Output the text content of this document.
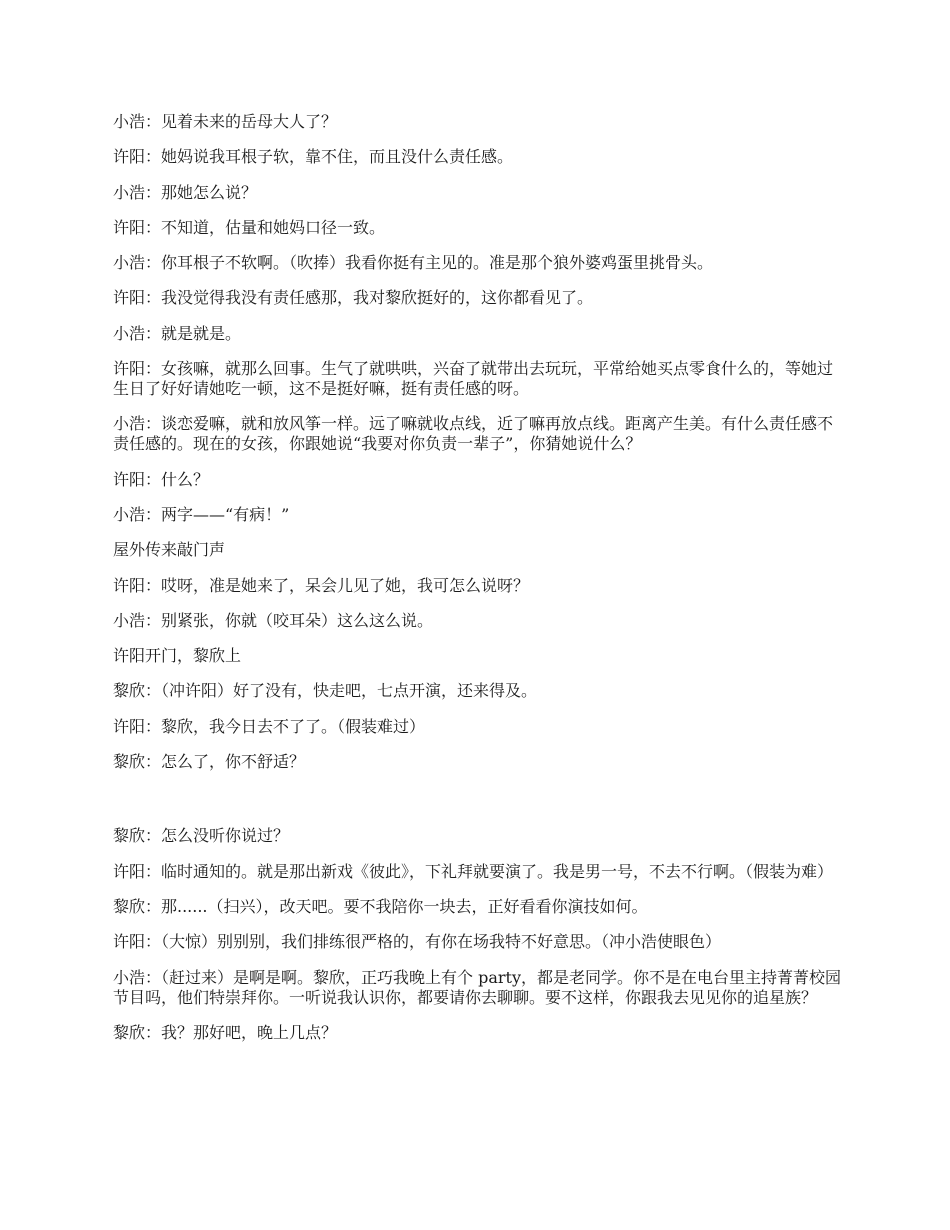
小浩：见着未来的岳母大人了？

许阳：她妈说我耳根子软，靠不住，而且没什么责任感。

小浩：那她怎么说？

许阳：不知道，估量和她妈口径一致。

小浩：你耳根子不软啊。（吹捧）我看你挺有主见的。准是那个狼外婆鸡蛋里挑骨头。

许阳：我没觉得我没有责任感那，我对黎欣挺好的，这你都看见了。

小浩：就是就是。

许阳：女孩嘛，就那么回事。生气了就哄哄，兴奋了就带出去玩玩，平常给她买点零食什么的，等她过生日了好好请她吃一顿，这不是挺好嘛，挺有责任感的呀。

小浩：谈恋爱嘛，就和放风筝一样。远了嘛就收点线，近了嘛再放点线。距离产生美。有什么责任感不责任感的。现在的女孩，你跟她说“我要对你负责一辈子”，你猜她说什么？

许阳：什么？

小浩：两字——“有病！”

屋外传来敲门声

许阳：哎呀，准是她来了，呆会儿见了她，我可怎么说呀？

小浩：别紧张，你就（咬耳朵）这么这么说。

许阳开门，黎欣上

黎欣：（冲许阳）好了没有，快走吧，七点开演，还来得及。

许阳：黎欣，我今日去不了了。（假装难过）

黎欣：怎么了，你不舒适？

黎欣：怎么没听你说过？

许阳：临时通知的。就是那出新戏《彼此》，下礼拜就要演了。我是男一号，不去不行啊。（假装为难）

黎欣：那......（扫兴），改天吧。要不我陪你一块去，正好看看你演技如何。

许阳：（大惊）别别别，我们排练很严格的，有你在场我特不好意思。（冲小浩使眼色）

小浩：（赶过来）是啊是啊。黎欣，正巧我晚上有个 party，都是老同学。你不是在电台里主持菁菁校园节目吗，他们特崇拜你。一听说我认识你，都要请你去聊聊。要不这样，你跟我去见见你的追星族？

黎欣：我？那好吧，晚上几点？
